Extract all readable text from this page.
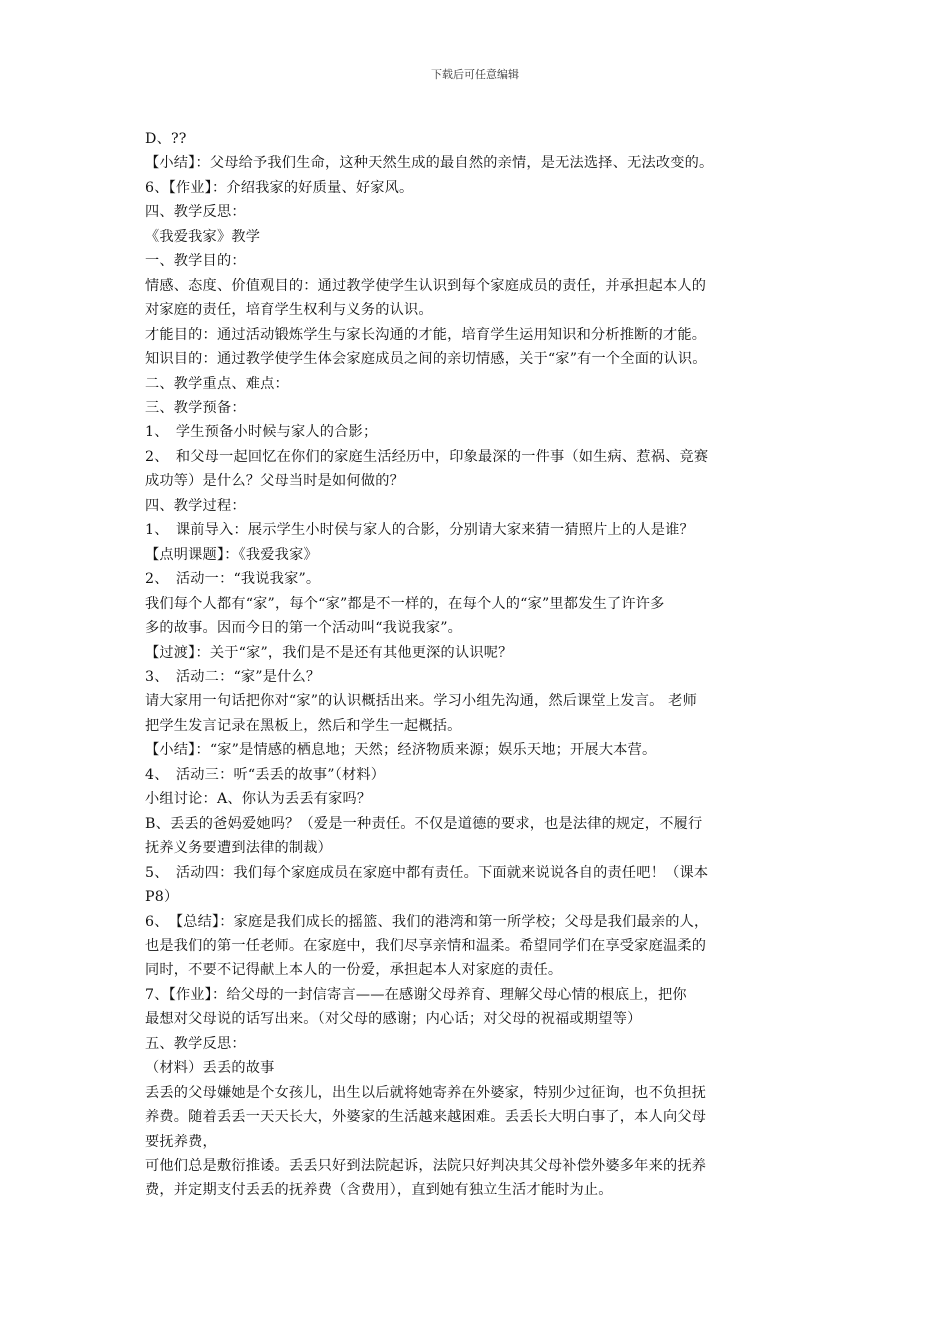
下载后可任意编辑
D、??
【小结】：父母给予我们生命，这种天然生成的最自然的亲情，是无法选择、无法改变的。
6、【作业】：介绍我家的好质量、好家风。
四、教学反思：
《我爱我家》教学
一、教学目的：
情感、态度、价值观目的：通过教学使学生认识到每个家庭成员的责任，并承担起本人的
对家庭的责任，培育学生权利与义务的认识。
才能目的：通过活动锻炼学生与家长沟通的才能，培育学生运用知识和分析推断的才能。
知识目的：通过教学使学生体会家庭成员之间的亲切情感，关于“家”有一个全面的认识。
二、教学重点、难点：
三、教学预备：
1、　学生预备小时候与家人的合影；
2、　和父母一起回忆在你们的家庭生活经历中，印象最深的一件事（如生病、惹祸、竞赛
成功等）是什么？父母当时是如何做的？
四、教学过程：
1、　课前导入：展示学生小时侯与家人的合影，分别请大家来猜一猜照片上的人是谁？
【点明课题】：《我爱我家》
2、　活动一：“我说我家”。
我们每个人都有“家”，每个“家”都是不一样的，在每个人的“家”里都发生了许许多
多的故事。因而今日的第一个活动叫“我说我家”。
【过渡】：关于“家”，我们是不是还有其他更深的认识呢？
3、　活动二：“家”是什么？
请大家用一句话把你对“家”的认识概括出来。学习小组先沟通，然后课堂上发言。 老师
把学生发言记录在黑板上，然后和学生一起概括。
【小结】：“家”是情感的栖息地；天然；经济物质来源；娱乐天地；开展大本营。
4、　活动三：听“丢丢的故事”（材料）
小组讨论：A、你认为丢丢有家吗？
B、丢丢的爸妈爱她吗？（爱是一种责任。不仅是道德的要求，也是法律的规定，不履行
抚养义务要遭到法律的制裁）
5、　活动四：我们每个家庭成员在家庭中都有责任。下面就来说说各自的责任吧！（课本
P8）
6、　【总结】：家庭是我们成长的摇篮、我们的港湾和第一所学校；父母是我们最亲的人，
也是我们的第一任老师。在家庭中，我们尽享亲情和温柔。希望同学们在享受家庭温柔的
同时，不要不记得献上本人的一份爱，承担起本人对家庭的责任。
7、【作业】：给父母的一封信寄言——在感谢父母养育、理解父母心情的根底上，把你
最想对父母说的话写出来。（对父母的感谢；内心话；对父母的祝福或期望等）
五、教学反思：
（材料）丢丢的故事
丢丢的父母嫌她是个女孩儿，出生以后就将她寄养在外婆家，特别少过征询，也不负担抚
养费。随着丢丢一天天长大，外婆家的生活越来越困难。丢丢长大明白事了，本人向父母
要抚养费，
可他们总是敷衍推诿。丢丢只好到法院起诉，法院只好判决其父母补偿外婆多年来的抚养
费，并定期支付丢丢的抚养费（含费用），直到她有独立生活才能时为止。
